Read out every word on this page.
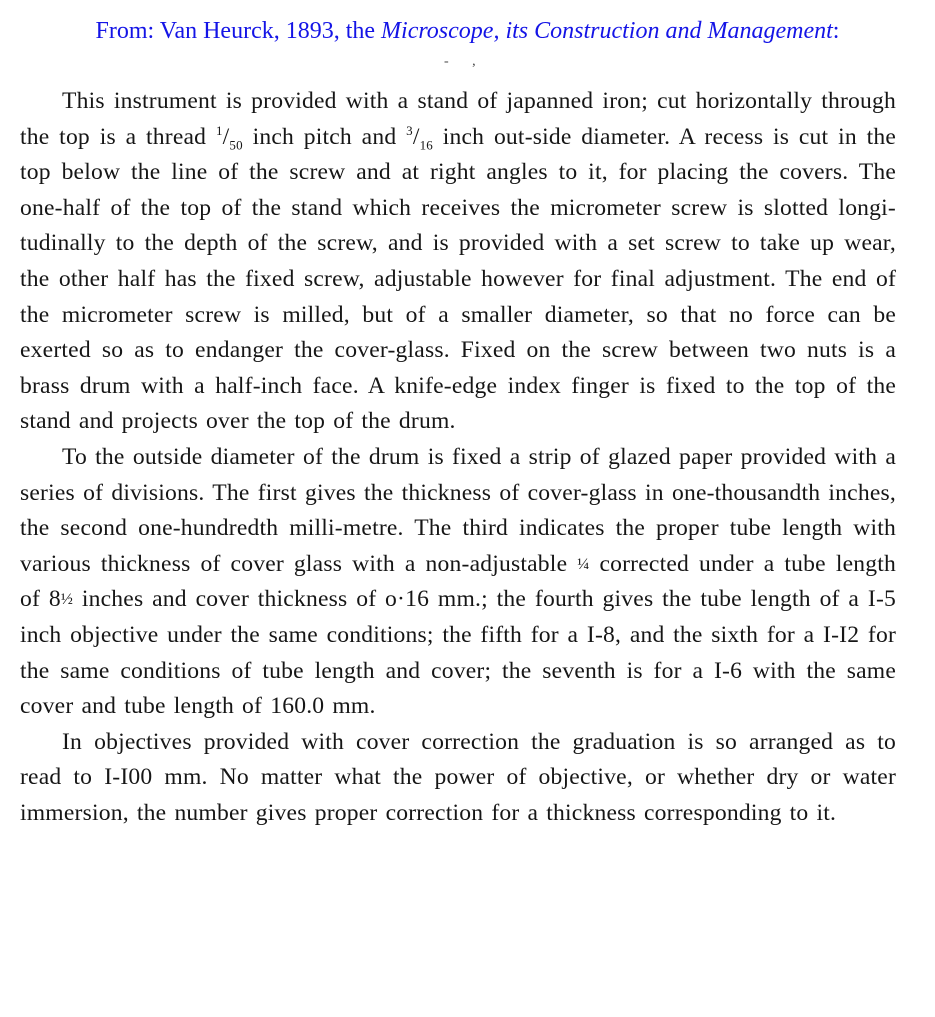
From: Van Heurck, 1893, the Microscope, its Construction and Management:
- ,

This instrument is provided with a stand of japanned iron; cut horizontally through the top is a thread $^1/_{50}$ inch pitch and $^3/_{16}$ inch out-side diameter. A recess is cut in the top below the line of the screw and at right angles to it, for placing the covers. The one-half of the top of the stand which receives the micrometer screw is slotted longi-tudinally to the depth of the screw, and is provided with a set screw to take up wear, the other half has the fixed screw, adjustable however for final adjustment. The end of the micrometer screw is milled, but of a smaller diameter, so that no force can be exerted so as to endanger the cover-glass. Fixed on the screw between two nuts is a brass drum with a half-inch face. A knife-edge index finger is fixed to the top of the stand and projects over the top of the drum.

To the outside diameter of the drum is fixed a strip of glazed paper provided with a series of divisions. The first gives the thickness of cover-glass in one-thousandth inches, the second one-hundredth milli-metre. The third indicates the proper tube length with various thickness of cover glass with a non-adjustable ¼ corrected under a tube length of 8½ inches and cover thickness of o·16 mm.; the fourth gives the tube length of a I-5 inch objective under the same conditions; the fifth for a I-8, and the sixth for a I-I2 for the same conditions of tube length and cover; the seventh is for a I-6 with the same cover and tube length of 160.0 mm.

In objectives provided with cover correction the graduation is so arranged as to read to I-I00 mm. No matter what the power of objective, or whether dry or water immersion, the number gives proper correction for a thickness corresponding to it.
